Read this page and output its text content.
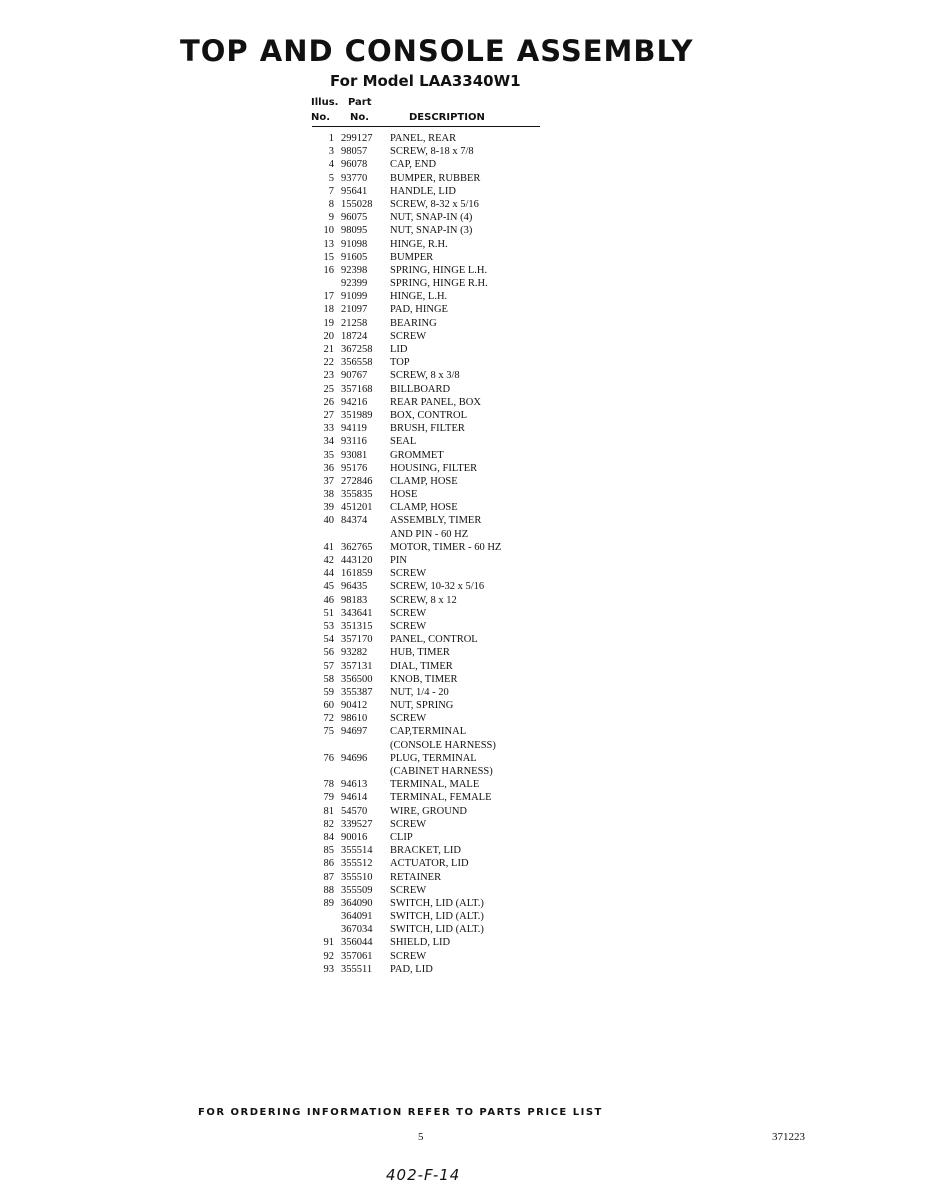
TOP AND CONSOLE ASSEMBLY
For Model LAA3340W1
Illus. Part
No. No.	DESCRIPTION
1 299127 PANEL, REAR
3 98057 SCREW, 8-18 x 7/8
4 96078 CAP, END
5 93770 BUMPER, RUBBER
7 95641 HANDLE, LID
8 155028 SCREW, 8-32 x 5/16
9 96075 NUT, SNAP-IN (4)
10 98095 NUT, SNAP-IN (3)
13 91098 HINGE, R.H.
15 91605 BUMPER
16 92398 SPRING, HINGE L.H.
92399 SPRING, HINGE R.H.
17 91099 HINGE, L.H.
18 21097 PAD, HINGE
19 21258 BEARING
20 18724 SCREW
21 367258 LID
22 356558 TOP
23 90767 SCREW, 8 x 3/8
25 357168 BILLBOARD
26 94216 REAR PANEL, BOX
27 351989 BOX, CONTROL
33 94119 BRUSH, FILTER
34 93116 SEAL
35 93081 GROMMET
36 95176 HOUSING, FILTER
37 272846 CLAMP, HOSE
38 355835 HOSE
39 451201 CLAMP, HOSE
40 84374 ASSEMBLY, TIMER
AND PIN - 60 HZ
41 362765 MOTOR, TIMER - 60 HZ
42 443120 PIN
44 161859 SCREW
45 96435 SCREW, 10-32 x 5/16
46 98183 SCREW, 8 x 12
51 343641 SCREW
53 351315 SCREW
54 357170 PANEL, CONTROL
56 93282 HUB, TIMER
57 357131 DIAL, TIMER
58 356500 KNOB, TIMER
59 355387 NUT, 1/4 - 20
60 90412 NUT, SPRING
72 98610 SCREW
75 94697 CAP,TERMINAL
(CONSOLE HARNESS)
76 94696 PLUG, TERMINAL
(CABINET HARNESS)
78 94613 TERMINAL, MALE
79 94614 TERMINAL, FEMALE
81 54570 WIRE, GROUND
82 339527 SCREW
84 90016 CLIP
85 355514 BRACKET, LID
86 355512 ACTUATOR, LID
87 355510 RETAINER
88 355509 SCREW
89 364090 SWITCH, LID (ALT.)
364091 SWITCH, LID (ALT.)
367034 SWITCH, LID (ALT.)
91 356044 SHIELD, LID
92 357061 SCREW
93 355511 PAD, LID
FOR ORDERING INFORMATION REFER TO PARTS PRICE LIST
5	371223
402-F-14
